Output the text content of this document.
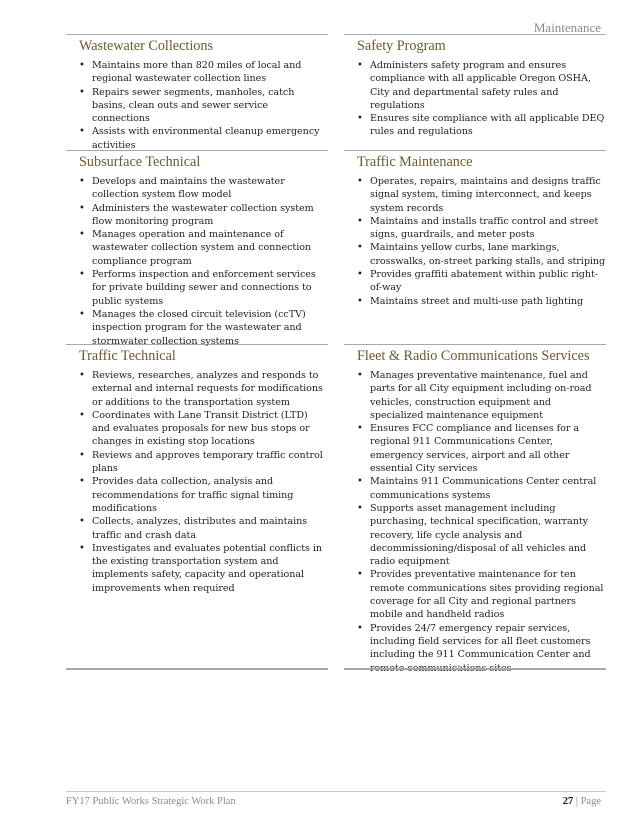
Maintenance
Wastewater Collections
• Maintains more than 820 miles of local and regional wastewater collection lines
• Repairs sewer segments, manholes, catch basins, clean outs and sewer service connections
• Assists with environmental cleanup emergency activities
Safety Program
• Administers safety program and ensures compliance with all applicable Oregon OSHA, City and departmental safety rules and regulations
• Ensures site compliance with all applicable DEQ rules and regulations
Subsurface Technical
• Develops and maintains the wastewater collection system flow model
• Administers the wastewater collection system flow monitoring program
• Manages operation and maintenance of wastewater collection system and connection compliance program
• Performs inspection and enforcement services for private building sewer and connections to public systems
• Manages the closed circuit television (ccTV) inspection program for the wastewater and stormwater collection systems
Traffic Maintenance
• Operates, repairs, maintains and designs traffic signal system, timing interconnect, and keeps system records
• Maintains and installs traffic control and street signs, guardrails, and meter posts
• Maintains yellow curbs, lane markings, crosswalks, on-street parking stalls, and striping
• Provides graffiti abatement within public right-of-way
• Maintains street and multi-use path lighting
Traffic Technical
• Reviews, researches, analyzes and responds to external and internal requests for modifications or additions to the transportation system
• Coordinates with Lane Transit District (LTD) and evaluates proposals for new bus stops or changes in existing stop locations
• Reviews and approves temporary traffic control plans
• Provides data collection, analysis and recommendations for traffic signal timing modifications
• Collects, analyzes, distributes and maintains traffic and crash data
• Investigates and evaluates potential conflicts in the existing transportation system and implements safety, capacity and operational improvements when required
Fleet & Radio Communications Services
• Manages preventative maintenance, fuel and parts for all City equipment including on-road vehicles, construction equipment and specialized maintenance equipment
• Ensures FCC compliance and licenses for a regional 911 Communications Center, emergency services, airport and all other essential City services
• Maintains 911 Communications Center central communications systems
• Supports asset management including purchasing, technical specification, warranty recovery, life cycle analysis and decommissioning/disposal of all vehicles and radio equipment
• Provides preventative maintenance for ten remote communications sites providing regional coverage for all City and regional partners mobile and handheld radios
• Provides 24/7 emergency repair services, including field services for all fleet customers including the 911 Communication Center and remote communications sites
FY17 Public Works Strategic Work Plan	27 | Page
